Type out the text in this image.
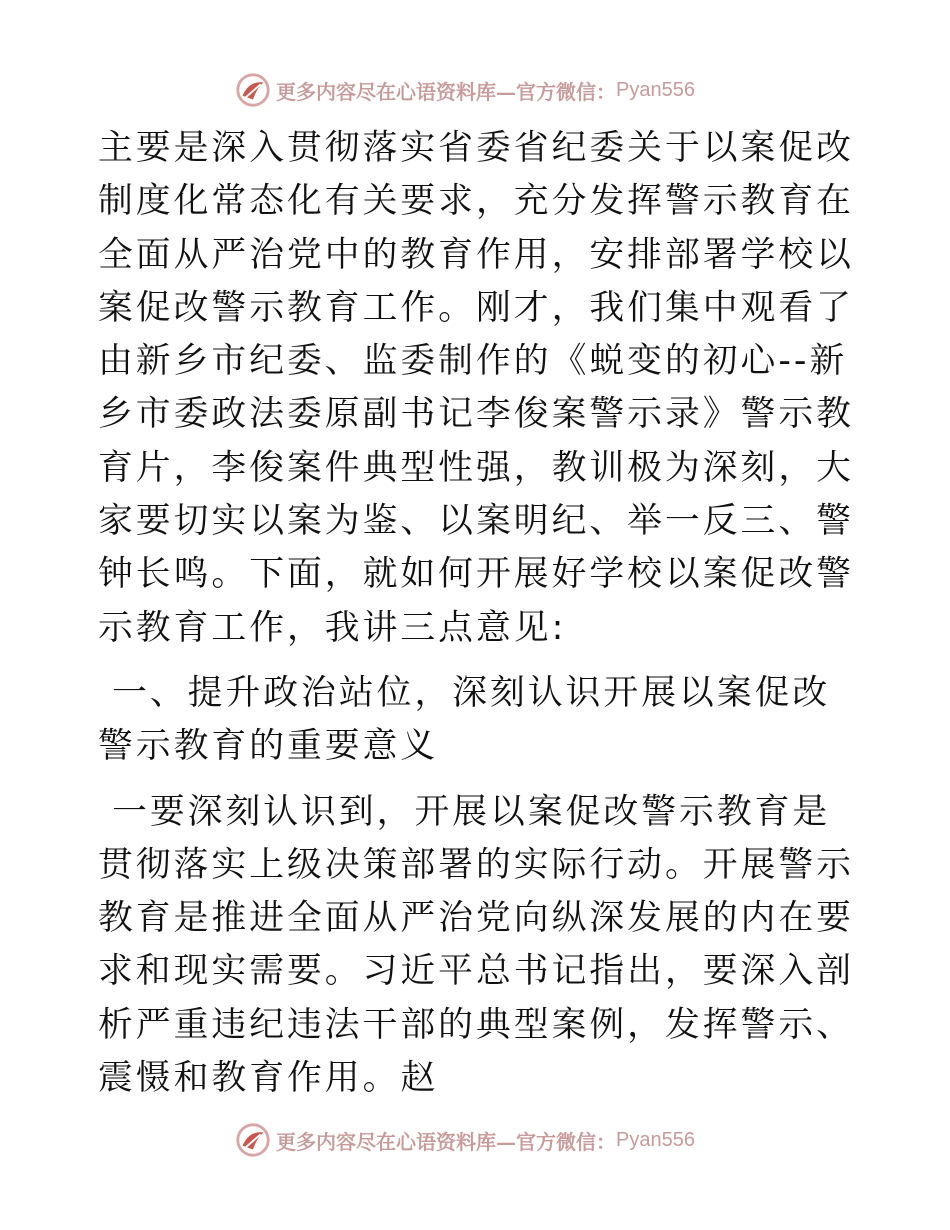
更多内容尽在心语资料库—官方微信： Pyan556

主要是深入贯彻落实省委省纪委关于以案促改制度化常态化有关要求，充分发挥警示教育在全面从严治党中的教育作用，安排部署学校以案促改警示教育工作。刚才，我们集中观看了由新乡市纪委、监委制作的《蜕变的初心--新乡市委政法委原副书记李俊案警示录》警示教育片，李俊案件典型性强，教训极为深刻，大家要切实以案为鉴、以案明纪、举一反三、警钟长鸣。下面，就如何开展好学校以案促改警示教育工作，我讲三点意见:

一、提升政治站位，深刻认识开展以案促改警示教育的重要意义

一要深刻认识到，开展以案促改警示教育是贯彻落实上级决策部署的实际行动。开展警示教育是推进全面从严治党向纵深发展的内在要求和现实需要。习近平总书记指出，要深入剖析严重违纪违法干部的典型案例，发挥警示、震慑和教育作用。赵

更多内容尽在心语资料库—官方微信： Pyan556
